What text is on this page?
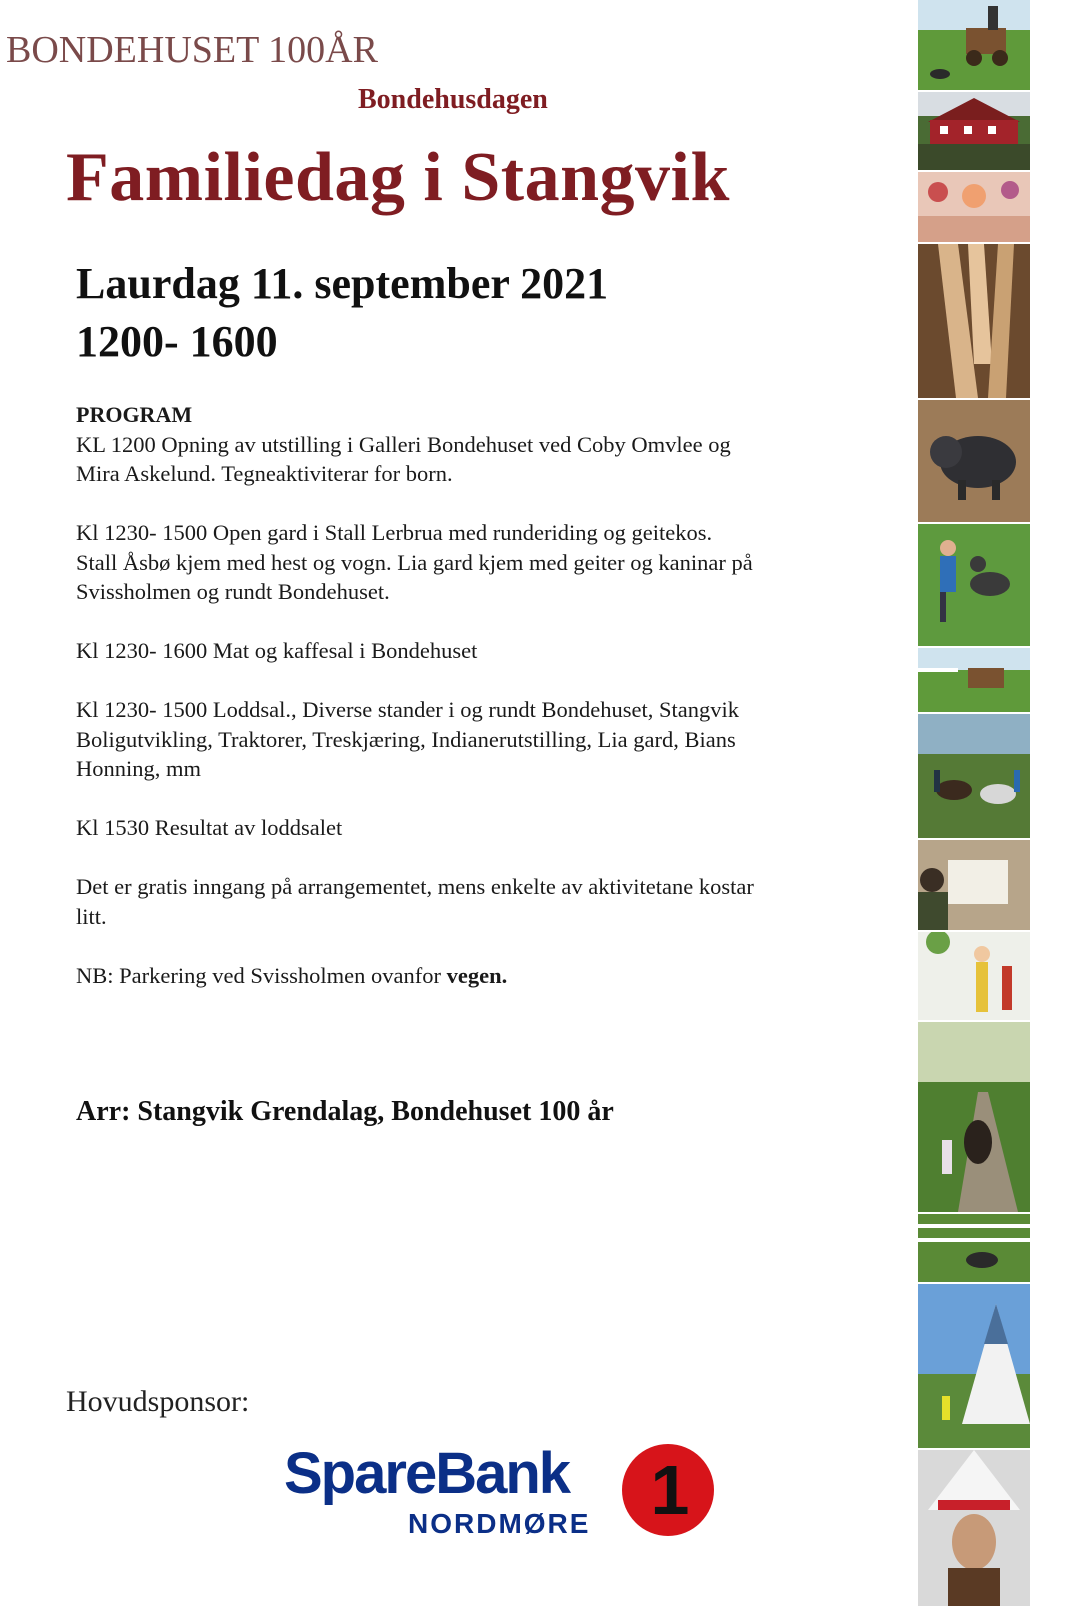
BONDEHUSET 100ÅR
Bondehusdagen
Familiedag i Stangvik
Laurdag 11. september 2021
1200- 1600
PROGRAM

KL 1200 Opning av utstilling i Galleri Bondehuset ved Coby Omvlee og Mira Askelund. Tegneaktiviterar for born.

Kl 1230- 1500 Open gard i Stall Lerbrua med runderiding og geitekos. Stall Åsbø kjem med hest og vogn. Lia gard kjem med geiter og kaninar på Svissholmen og rundt Bondehuset.

Kl 1230- 1600 Mat og kaffesal i Bondehuset

Kl 1230- 1500 Loddsal., Diverse stander i og rundt Bondehuset, Stangvik Boligutvikling, Traktorer, Treskjæring, Indianerutstilling, Lia gard, Bians Honning, mm

Kl 1530 Resultat av loddsalet

Det er gratis inngang på arrangementet, mens enkelte av aktivitetane kostar litt.

NB: Parkering ved Svissholmen ovanfor vegen.

Arr: Stangvik Grendalag, Bondehuset 100 år
Hovudsponsor:
SpareBank
NORDMØRE 1
